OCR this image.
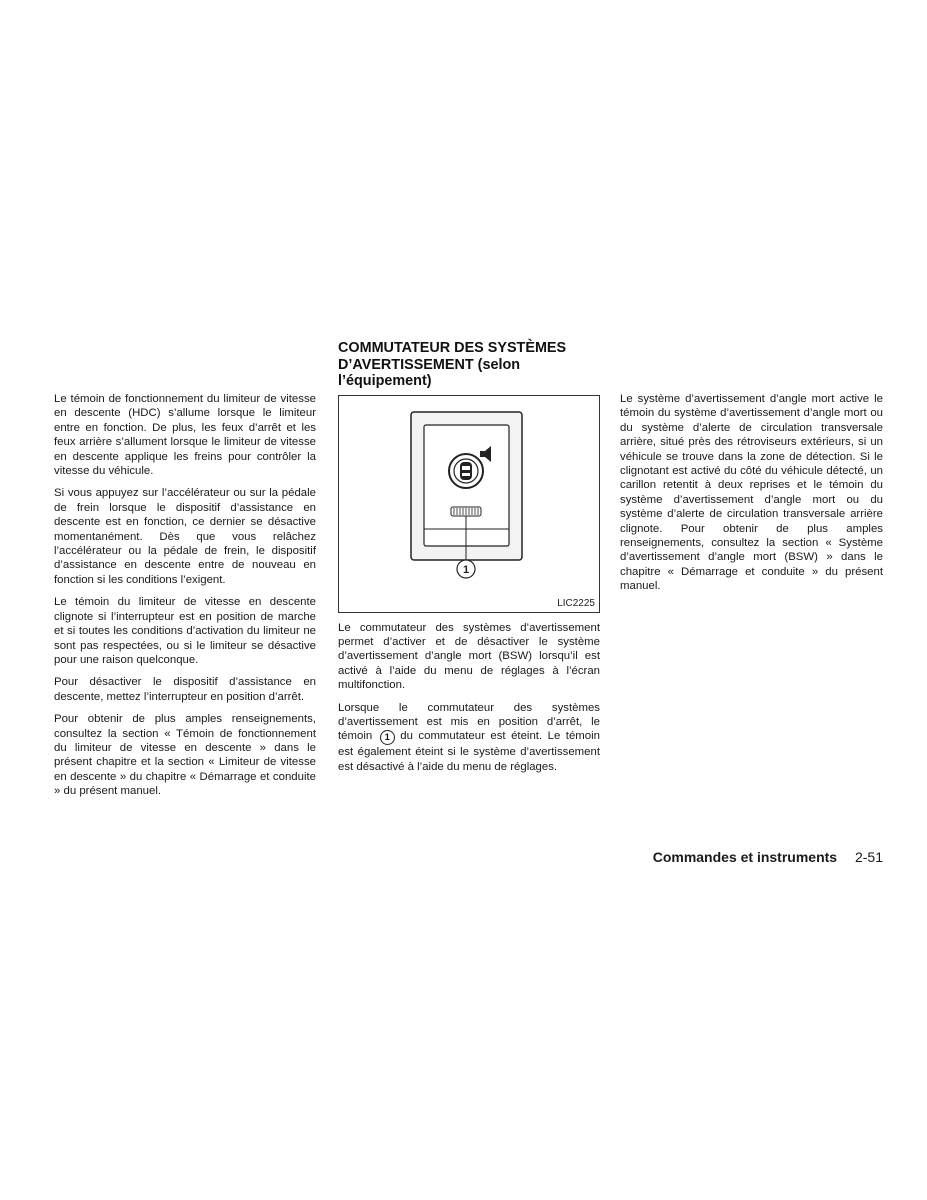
Le témoin de fonctionnement du limiteur de vitesse en descente (HDC) s’allume lorsque le limiteur entre en fonction. De plus, les feux d’arrêt et les feux arrière s’allument lorsque le limiteur de vitesse en descente applique les freins pour contrôler la vitesse du véhicule.

Si vous appuyez sur l’accélérateur ou sur la pédale de frein lorsque le dispositif d’assistance en descente est en fonction, ce dernier se désactive momentanément. Dès que vous relâchez l’accélérateur ou la pédale de frein, le dispositif d’assistance en descente entre de nouveau en fonction si les conditions l’exigent.

Le témoin du limiteur de vitesse en descente clignote si l’interrupteur est en position de marche et si toutes les conditions d’activation du limiteur ne sont pas respectées, ou si le limiteur se désactive pour une raison quelconque.

Pour désactiver le dispositif d’assistance en descente, mettez l’interrupteur en position d’arrêt.

Pour obtenir de plus amples renseignements, consultez la section « Témoin de fonctionnement du limiteur de vitesse en descente » dans le présent chapitre et la section « Limiteur de vitesse en descente » du chapitre « Démarrage et conduite » du présent manuel.

COMMUTATEUR DES SYSTÈMES D’AVERTISSEMENT (selon l’équipement)
1
LIC2225

Le commutateur des systèmes d’avertissement permet d’activer et de désactiver le système d’avertissement d’angle mort (BSW) lorsqu’il est activé à l’aide du menu de réglages à l’écran multifonction.

Lorsque le commutateur des systèmes d’avertissement est mis en position d’arrêt, le témoin 1 du commutateur est éteint. Le témoin est également éteint si le système d’avertissement est désactivé à l’aide du menu de réglages.

Le système d’avertissement d’angle mort active le témoin du système d’avertissement d’angle mort ou du système d’alerte de circulation transversale arrière, situé près des rétroviseurs extérieurs, si un véhicule se trouve dans la zone de détection. Si le clignotant est activé du côté du véhicule détecté, un carillon retentit à deux reprises et le témoin du système d’avertissement d’angle mort ou du système d’alerte de circulation transversale arrière clignote. Pour obtenir de plus amples renseignements, consultez la section « Système d’avertissement d’angle mort (BSW) » dans le chapitre « Démarrage et conduite » du présent manuel.

Commandes et instruments 2-51
